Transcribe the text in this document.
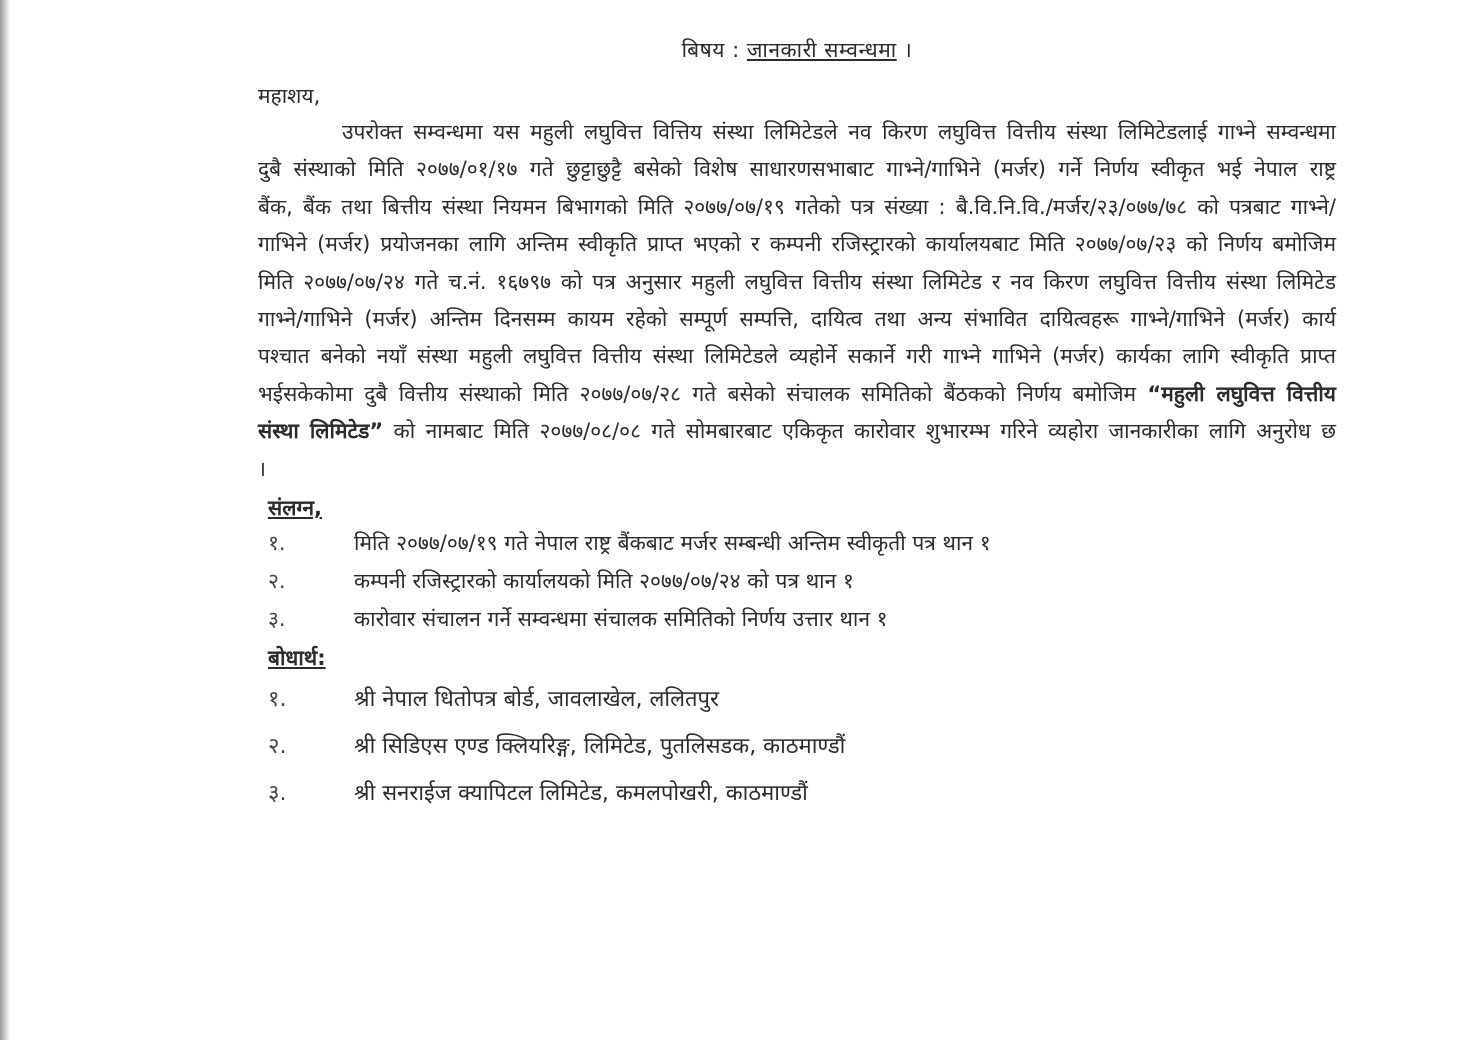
बिषय : जानकारी सम्वन्धमा ।

महाशय,

उपरोक्त सम्वन्धमा यस महुली लघुवित्त वित्तिय संस्था लिमिटेडले नव किरण लघुवित्त वित्तीय संस्था लिमिटेडलाई गाभ्ने सम्वन्धमा दुबै संस्थाको मिति २०७७/०१/१७ गते छुट्टाछुट्टै बसेको विशेष साधारणसभाबाट गाभ्ने/गाभिने (मर्जर) गर्ने निर्णय स्वीकृत भई नेपाल राष्ट्र बैंक, बैंक तथा बित्तीय संस्था नियमन बिभागको मिति २०७७/०७/१९ गतेको पत्र संख्या : बै.वि.नि.वि./मर्जर/२३/०७७/७८ को पत्रबाट गाभ्ने/गाभिने (मर्जर) प्रयोजनका लागि अन्तिम स्वीकृति प्राप्त भएको र कम्पनी रजिस्ट्रारको कार्यालयबाट मिति २०७७/०७/२३ को निर्णय बमोजिम मिति २०७७/०७/२४ गते च.नं. १६७९७ को पत्र अनुसार महुली लघुवित्त वित्तीय संस्था लिमिटेड र नव किरण लघुवित्त वित्तीय संस्था लिमिटेड गाभ्ने/गाभिने (मर्जर) अन्तिम दिनसम्म कायम रहेको सम्पूर्ण सम्पत्ति, दायित्व तथा अन्य संभावित दायित्वहरू गाभ्ने/गाभिने (मर्जर) कार्य पश्चात बनेको नयाँ संस्था महुली लघुवित्त वित्तीय संस्था लिमिटेडले व्यहोर्ने सकार्ने गरी गाभ्ने गाभिने (मर्जर) कार्यका लागि स्वीकृति प्राप्त भईसकेकोमा दुबै वित्तीय संस्थाको मिति २०७७/०७/२८ गते बसेको संचालक समितिको बैंठकको निर्णय बमोजिम “महुली लघुवित्त वित्तीय संस्था लिमिटेड” को नामबाट मिति २०७७/०८/०८ गते सोमबारबाट एकिकृत कारोवार शुभारम्भ गरिने व्यहोरा जानकारीका लागि अनुरोध छ ।

संलग्न,
१.	मिति २०७७/०७/१९ गते नेपाल राष्ट्र बैंकबाट मर्जर सम्बन्धी अन्तिम स्वीकृती पत्र थान १
२.	कम्पनी रजिस्ट्रारको कार्यालयको मिति २०७७/०७/२४ को पत्र थान १
३.	कारोवार संचालन गर्ने सम्वन्धमा संचालक समितिको निर्णय उत्तार थान १
बोधार्थ:
१.	श्री नेपाल धितोपत्र बोर्ड, जावलाखेल, ललितपुर
२.	श्री सिडिएस एण्ड क्लियरिङ्ग, लिमिटेड, पुतलिसडक, काठमाण्डौं
३.	श्री सनराईज क्यापिटल लिमिटेड, कमलपोखरी, काठमाण्डौं
